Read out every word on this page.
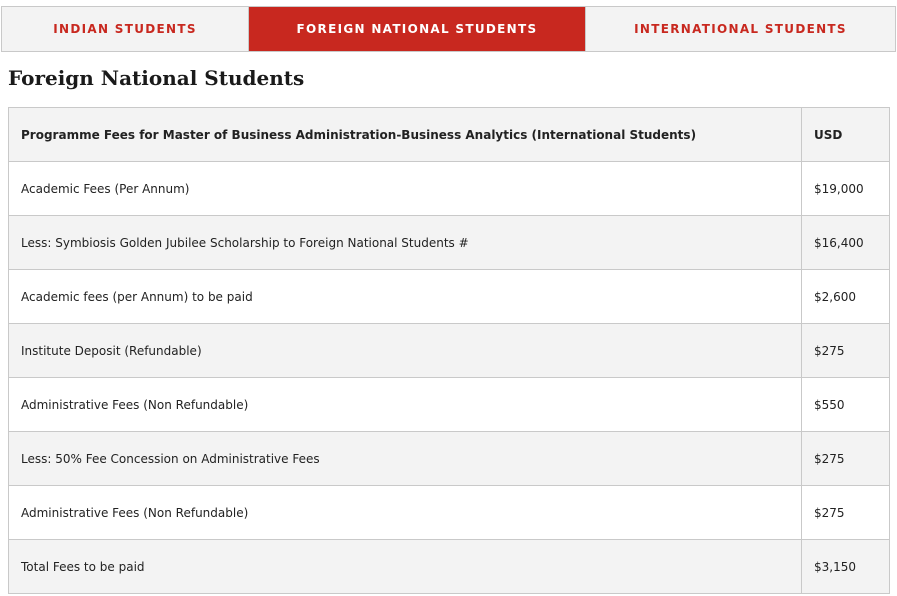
INDIAN STUDENTS	FOREIGN NATIONAL STUDENTS	INTERNATIONAL STUDENTS
Foreign National Students
Programme Fees for Master of Business Administration-Business Analytics (International Students)	USD
Academic Fees (Per Annum)	$19,000
Less: Symbiosis Golden Jubilee Scholarship to Foreign National Students #	$16,400
Academic fees (per Annum) to be paid	$2,600
Institute Deposit (Refundable)	$275
Administrative Fees (Non Refundable)	$550
Less: 50% Fee Concession on Administrative Fees	$275
Administrative Fees (Non Refundable)	$275
Total Fees to be paid	$3,150
